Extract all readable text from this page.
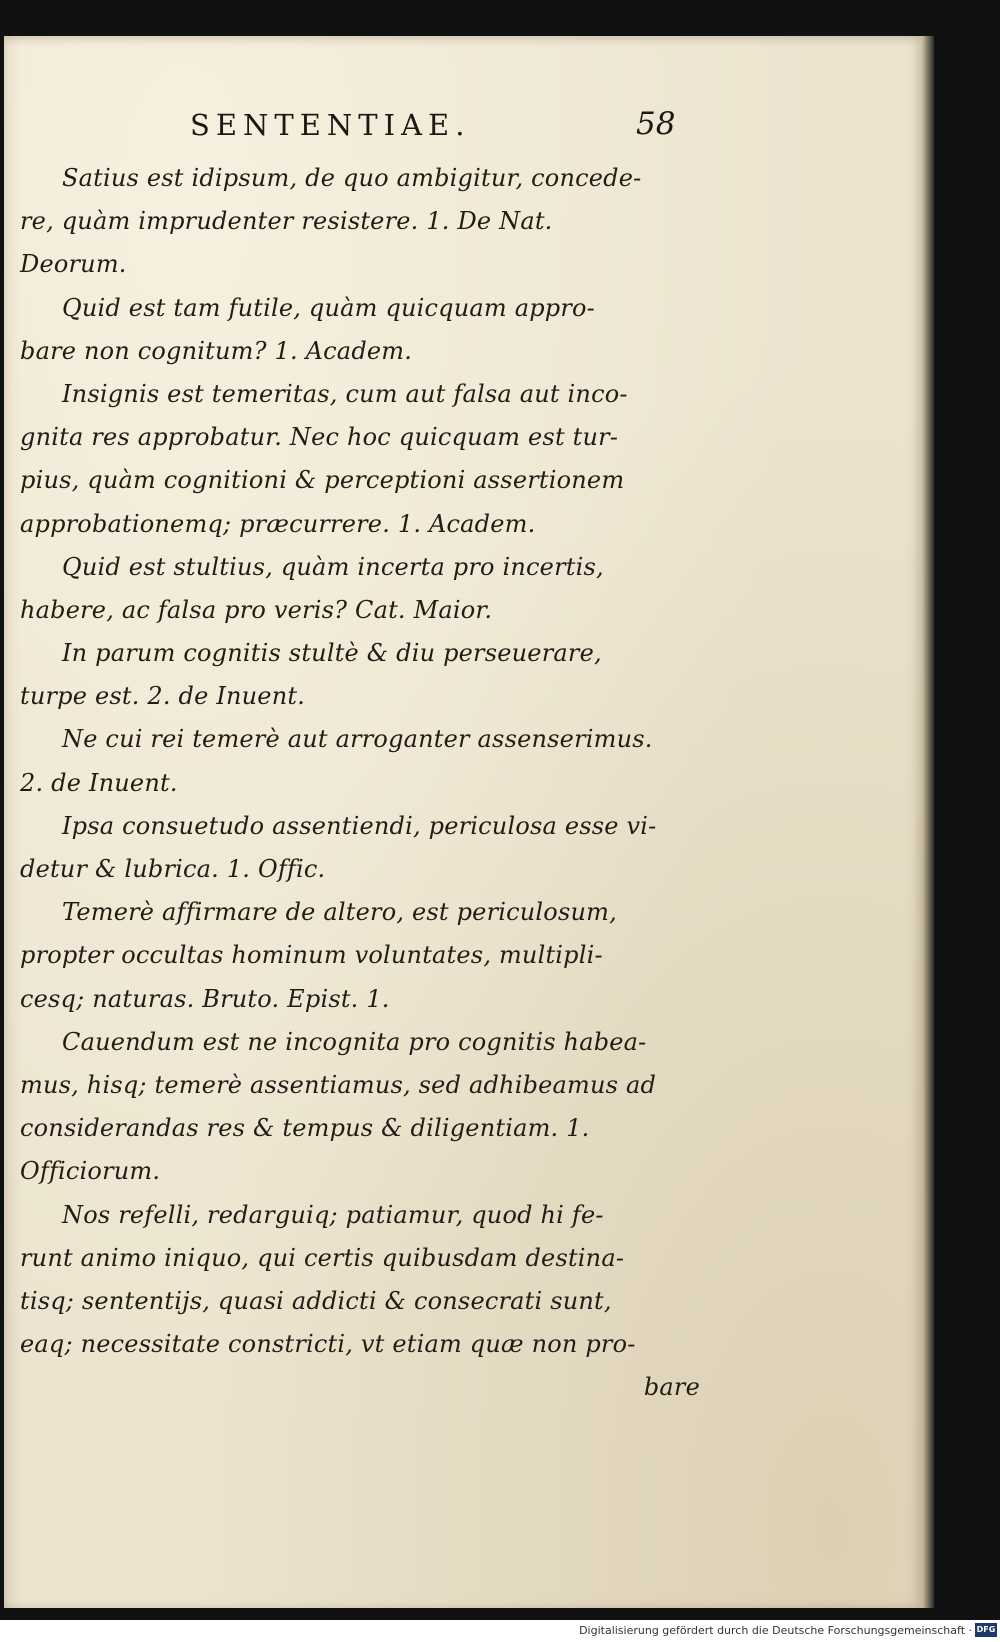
SENTENTIAE.	58
Satius est idipsum, de quo ambigitur, concede-
re, quàm imprudenter resistere. 1. De Nat.
Deorum.
Quid est tam futile, quàm quicquam appro-
bare non cognitum? 1. Academ.
Insignis est temeritas, cum aut falsa aut inco-
gnita res approbatur. Nec hoc quicquam est tur-
pius, quàm cognitioni & perceptioni assertionem
approbationemq; præcurrere. 1. Academ.
Quid est stultius, quàm incerta pro incertis,
habere, ac falsa pro veris? Cat. Maior.
In parum cognitis stultè & diu perseuerare,
turpe est. 2. de Inuent.
Ne cui rei temerè aut arroganter assenserimus.
2. de Inuent.
Ipsa consuetudo assentiendi, periculosa esse vi-
detur & lubrica. 1. Offic.
Temerè affirmare de altero, est periculosum,
propter occultas hominum voluntates, multipli-
cesq; naturas. Bruto. Epist. 1.
Cauendum est ne incognita pro cognitis habea-
mus, hisq; temerè assentiamus, sed adhibeamus ad
considerandas res & tempus & diligentiam. 1.
Officiorum.
Nos refelli, redarguiq; patiamur, quod hi fe-
runt animo iniquo, qui certis quibusdam destina-
tisq; sententijs, quasi addicti & consecrati sunt,
eaq; necessitate constricti, vt etiam quæ non pro-
bare
Digitalisierung gefördert durch die Deutsche Forschungsgemeinschaft · DFG
